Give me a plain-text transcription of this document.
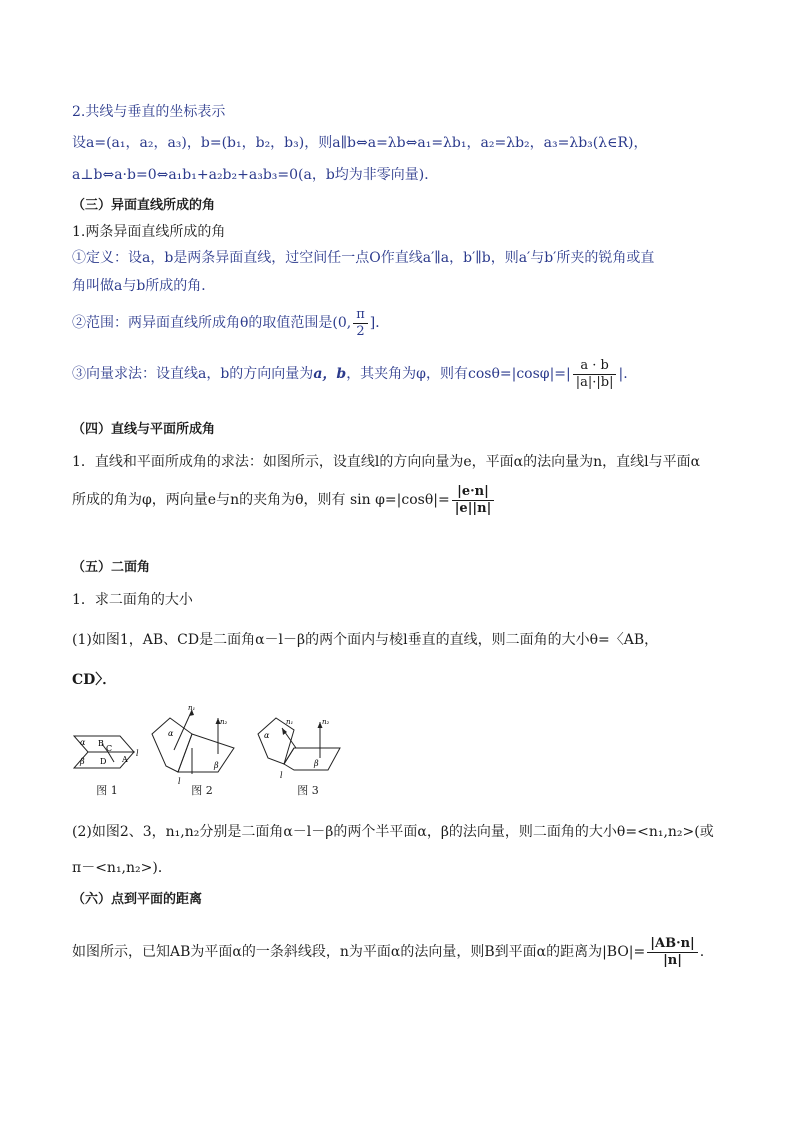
2.共线与垂直的坐标表示
设a=(a₁，a₂，a₃)，b=(b₁，b₂，b₃)，则a∥b⇔a=λb⇔a₁=λb₁，a₂=λb₂，a₃=λb₃(λ∈R)，
a⊥b⇔a·b=0⇔a₁b₁+a₂b₂+a₃b₃=0(a，b均为非零向量)．
（三）异面直线所成的角
1.两条异面直线所成的角
①定义：设a，b是两条异面直线，过空间任一点O作直线a′∥a，b′∥b，则a′与b′所夹的锐角或直
角叫做a与b所成的角．
②范围：两异面直线所成角θ的取值范围是(0, $\frac{\pi}{2}$ ]．
③向量求法：设直线a，b的方向向量为a，b，其夹角为φ，则有$\cos\theta=|\cos\varphi|=| \frac{a \cdot b}{|a|\cdot|b|}$ |.
（四）直线与平面所成角
1．直线和平面所成角的求法：如图所示，设直线l的方向向量为e，平面α的法向量为n，直线l与平面α
所成的角为φ，两向量e与n的夹角为θ，则有 $\sin \varphi=|\cos\theta|= \frac{|e\cdot n|}{|e||n|}$
（五）二面角
1．求二面角的大小
(1)如图1，AB、CD是二面角α－l－β的两个面内与棱l垂直的直线，则二面角的大小θ=〈AB，
CD〉．
α B
C
β D A
l
图 1
n₁
n₂
α
β
l
图 2
n₁	n₂
α
β
l
图 3
(2)如图2、3，n₁,n₂分别是二面角α－l－β的两个半平面α，β的法向量，则二面角的大小θ=<n₁,n₂>(或
π－<n₁,n₂>)．
（六）点到平面的距离
如图所示，已知AB为平面α的一条斜线段，n为平面α的法向量，则B到平面α的距离为$|BO|= \frac{|AB\cdot n|}{|n|}$ .
